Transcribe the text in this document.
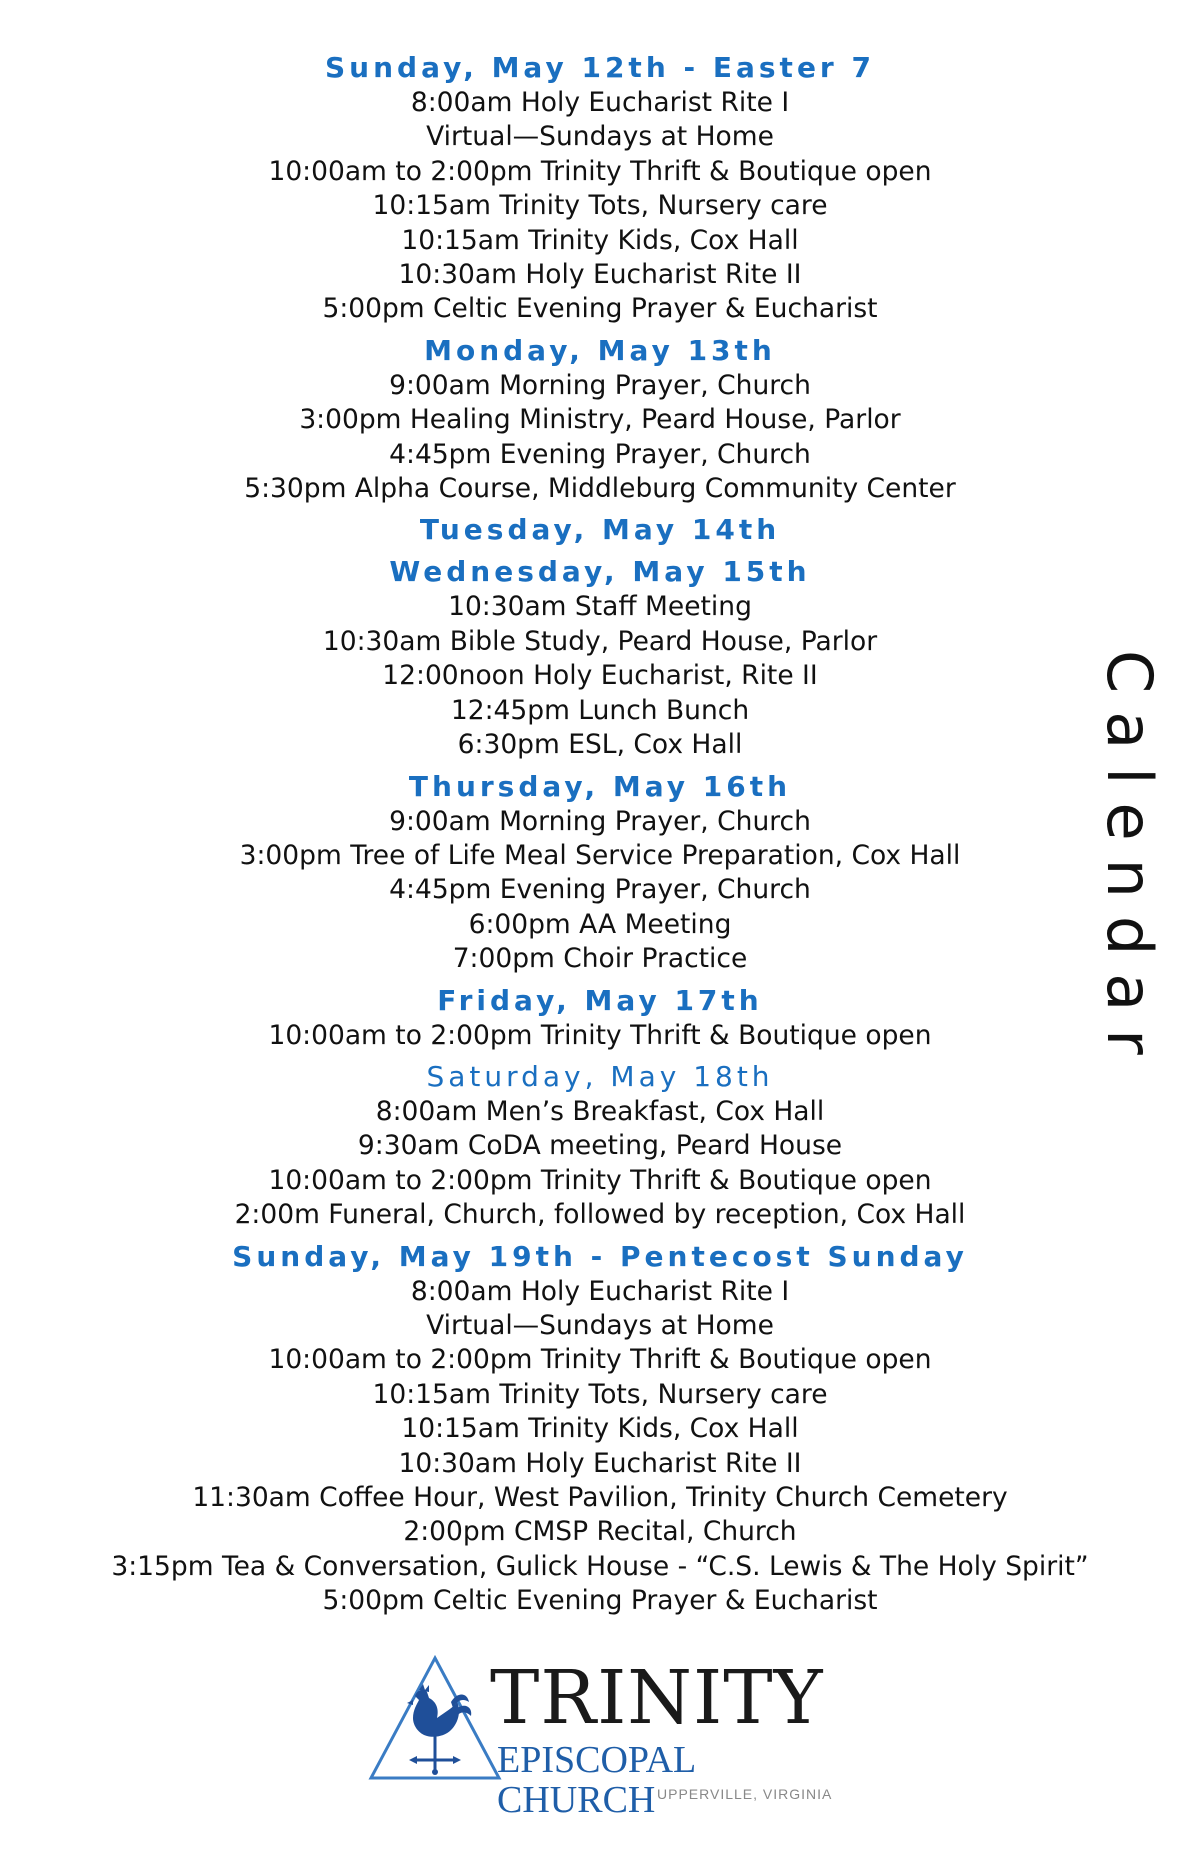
Sunday, May 12th - Easter 7
8:00am Holy Eucharist Rite I
Virtual—Sundays at Home
10:00am to 2:00pm Trinity Thrift & Boutique open
10:15am Trinity Tots, Nursery care
10:15am Trinity Kids, Cox Hall
10:30am Holy Eucharist Rite II
5:00pm Celtic Evening Prayer & Eucharist
Monday, May 13th
9:00am Morning Prayer, Church
3:00pm Healing Ministry, Peard House, Parlor
4:45pm Evening Prayer, Church
5:30pm Alpha Course, Middleburg Community Center
Tuesday, May 14th
Wednesday, May 15th
10:30am Staff Meeting
10:30am Bible Study, Peard House, Parlor
12:00noon Holy Eucharist, Rite II
12:45pm Lunch Bunch
6:30pm ESL, Cox Hall
Thursday, May 16th
9:00am Morning Prayer, Church
3:00pm Tree of Life Meal Service Preparation, Cox Hall
4:45pm Evening Prayer, Church
6:00pm AA Meeting
7:00pm Choir Practice
Friday, May 17th
10:00am to 2:00pm Trinity Thrift & Boutique open
Saturday, May 18th
8:00am Men’s Breakfast, Cox Hall
9:30am CoDA meeting, Peard House
10:00am to 2:00pm Trinity Thrift & Boutique open
2:00m Funeral, Church, followed by reception, Cox Hall
Sunday, May 19th - Pentecost Sunday
8:00am Holy Eucharist Rite I
Virtual—Sundays at Home
10:00am to 2:00pm Trinity Thrift & Boutique open
10:15am Trinity Tots, Nursery care
10:15am Trinity Kids, Cox Hall
10:30am Holy Eucharist Rite II
11:30am Coffee Hour, West Pavilion, Trinity Church Cemetery
2:00pm CMSP Recital, Church
3:15pm Tea & Conversation, Gulick House - “C.S. Lewis & The Holy Spirit”
5:00pm Celtic Evening Prayer & Eucharist
Calendar
TRINITY
EPISCOPAL CHURCH UPPERVILLE, VIRGINIA
